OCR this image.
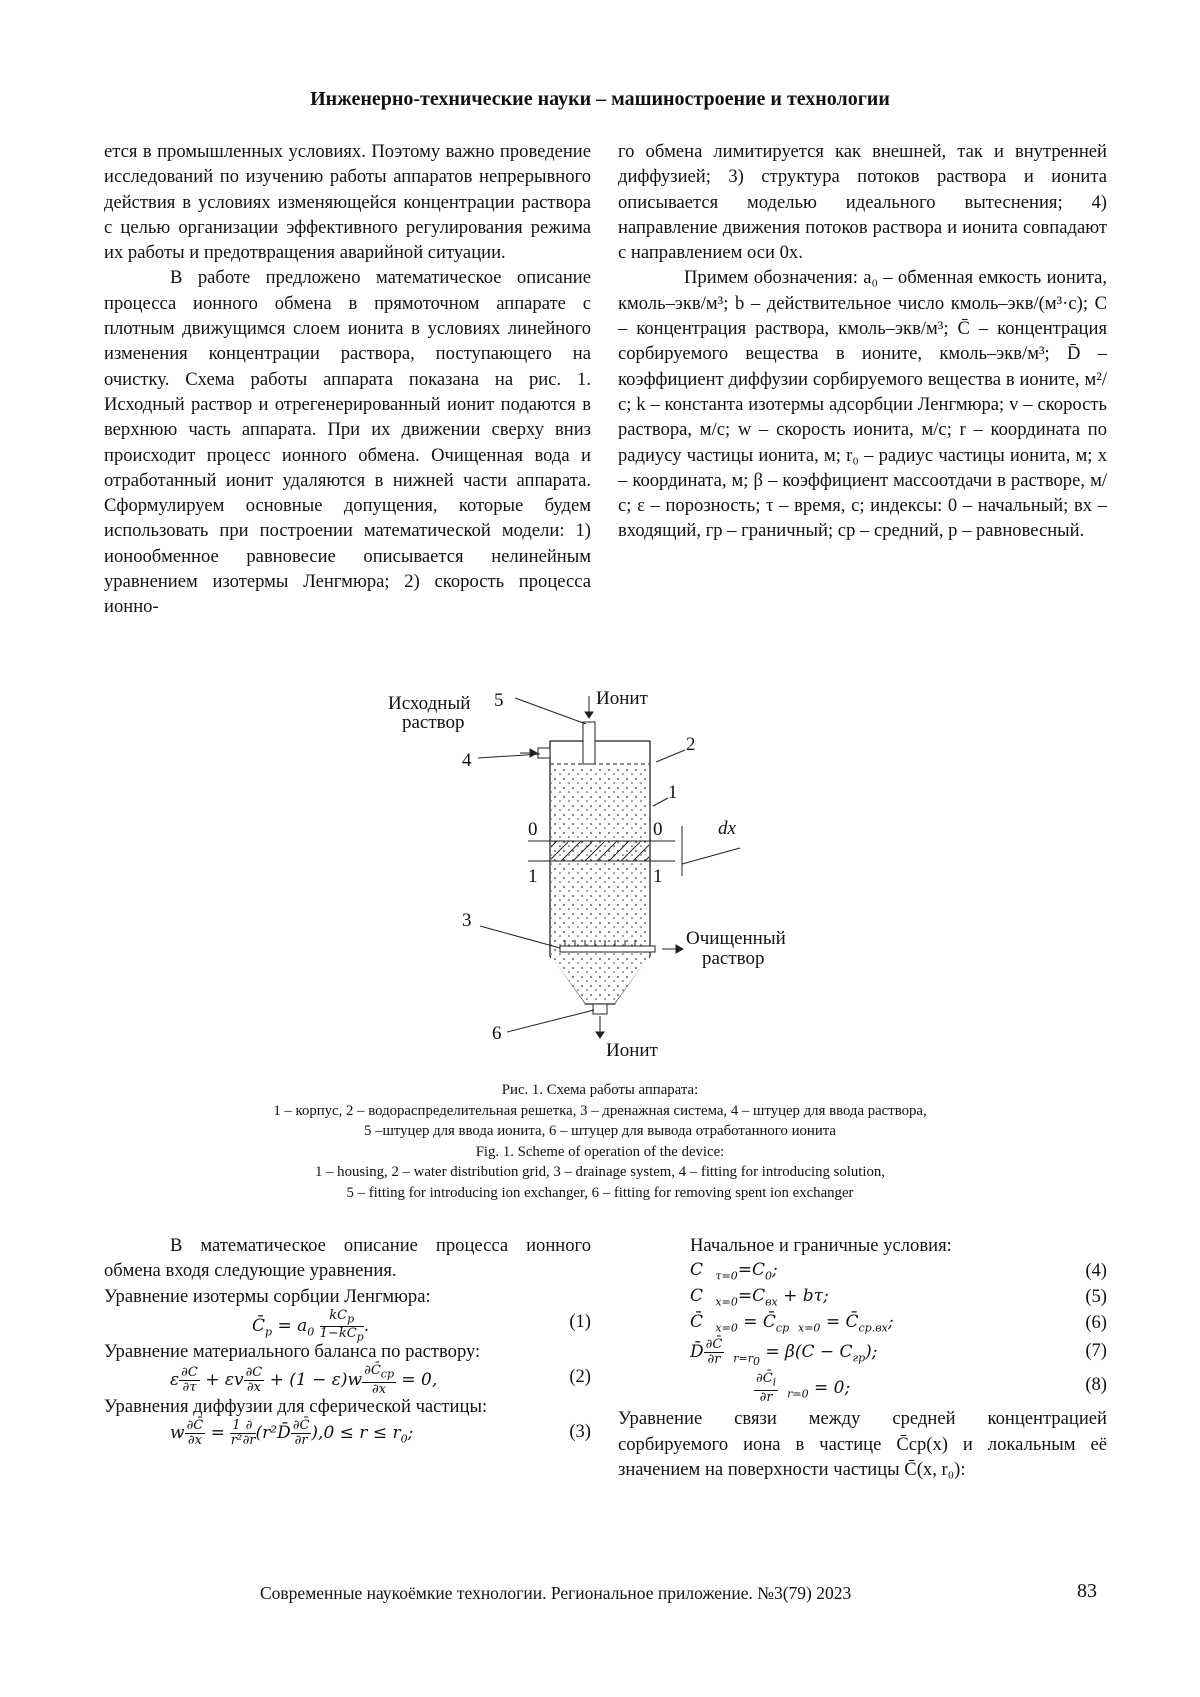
Инженерно-технические науки – машиностроение и технологии

ется в промышленных условиях. Поэтому важно проведение исследований по изучению работы аппаратов непрерывного действия в условиях изменяющейся концентрации раствора с целью организации эффективного регулирования режима их работы и предотвращения аварийной ситуации.

В работе предложено математическое описание процесса ионного обмена в прямоточном аппарате с плотным движущимся слоем ионита в условиях линейного изменения концентрации раствора, поступающего на очистку. Схема работы аппарата показана на рис. 1. Исходный раствор и отрегенерированный ионит подаются в верхнюю часть аппарата. При их движении сверху вниз происходит процесс ионного обмена. Очищенная вода и отработанный ионит удаляются в нижней части аппарата. Сформулируем основные допущения, которые будем использовать при построении математической модели: 1) ионообменное равновесие описывается нелинейным уравнением изотермы Ленгмюра; 2) скорость процесса ионно-

го обмена лимитируется как внешней, так и внутренней диффузией; 3) структура потоков раствора и ионита описывается моделью идеального вытеснения; 4) направление движения потоков раствора и ионита совпадают с направлением оси 0x.

Примем обозначения: a₀ – обменная емкость ионита, кмоль–экв/м³; b – действительное число кмоль–экв/(м³·с); C – концентрация раствора, кмоль–экв/м³; C̄ – концентрация сорбируемого вещества в ионите, кмоль–экв/м³; D̄ – коэффициент диффузии сорбируемого вещества в ионите, м²/с; k – константа изотермы адсорбции Ленгмюра; v – скорость раствора, м/с; w – скорость ионита, м/с; r – координата по радиусу частицы ионита, м; r₀ – радиус частицы ионита, м; x – координата, м; β – коэффициент массоотдачи в растворе, м/с; ε – порозность; τ – время, с; индексы: 0 – начальный; вх – входящий, гр – граничный; ср – средний, р – равновесный.

Исходный
раствор
5	Ионит
2
4
1
0	0	dx
1	1
3
Очищенный
раствор
6
Ионит
Рис. 1. Схема работы аппарата:
1 – корпус, 2 – водораспределительная решетка, 3 – дренажная система, 4 – штуцер для ввода раствора,
5 –штуцер для ввода ионита, 6 – штуцер для вывода отработанного ионита
Fig. 1. Scheme of operation of the device:
1 – housing, 2 – water distribution grid, 3 – drainage system, 4 – fitting for introducing solution,
5 – fitting for introducing ion exchanger, 6 – fitting for removing spent ion exchanger

В математическое описание процесса ионного обмена входя следующие уравнения.

Уравнение изотермы сорбции Ленгмюра:

$C̄_p = a_0 \frac{kC_p}{1-kC_p}$ .	(1)

Уравнение материального баланса по раствору:

ε $\frac{\partial C}{\partial\tau} + \varepsilon v \frac{\partial C}{\partial x} + (1 - \varepsilon)w \frac{\partial C̄_{cp}}{\partial x} = 0$,	(2)

Уравнения диффузии для сферической частицы:

w $\frac{\partial C̄}{\partial x} = \frac{1}{\text{r²}} \frac{\partial}{\partial r}$ (r²D̄ $\frac{\partial C̄}{\partial r} ),0 \le r \le r_0$;	(3)

Начальное и граничные условия:

C   $_{\tau=0}=C_0$;	(4)
C   $_{x=0}=C_{вх} + b\tau$;	(5)
C̄   $_{x=0} = C̄_{cp}$  $_{x=0} = C̄_{cp.вх}$;	(6)
D̄ $\frac{\partial C̄}{\partial r} _{r=r_0} = \beta(C - C_{гр})$;	(7)
$\frac{\partial C̄_i}{\partial r} _{r=0} = 0$;	(8)

Уравнение связи между средней концентрацией сорбируемого иона в частице C̄ср(x) и локальным её значением на поверхности частицы C̄(x, r₀):

Современные наукоёмкие технологии. Региональное приложение. №3(79) 2023	83
